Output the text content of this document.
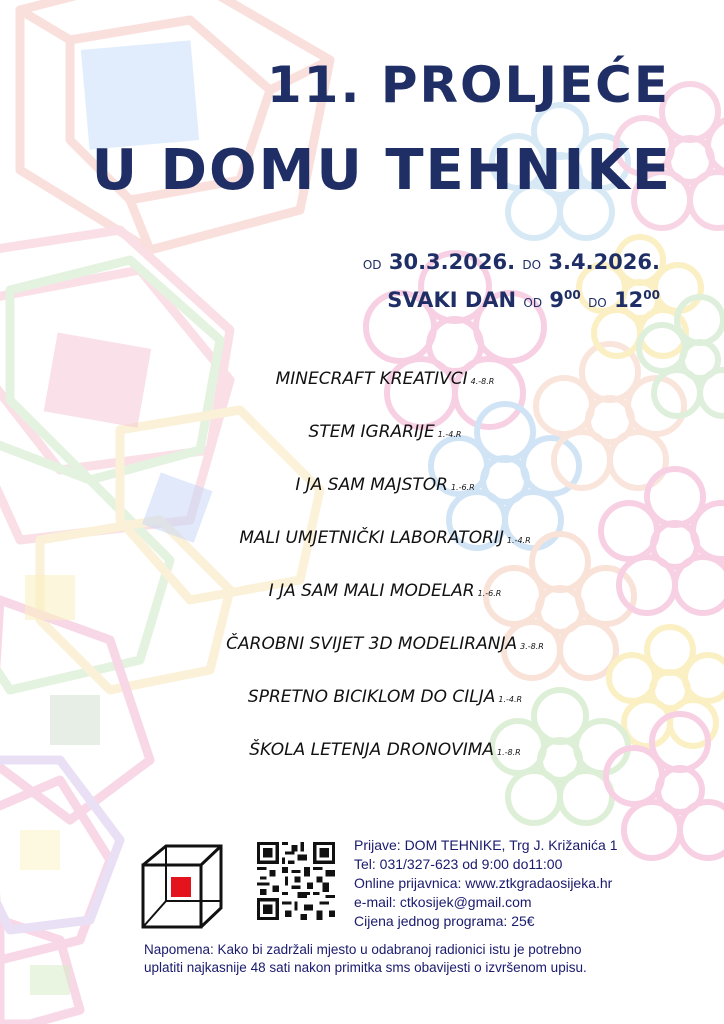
11. PROLJEĆE
U DOMU TEHNIKE
OD 30.3.2026. DO 3.4.2026.
SVAKI DAN OD $9^{00}$ DO $12^{00}$
MINECRAFT KREATIVCI 4.-8.R
STEM IGRARIJE 1.-4.R
I JA SAM MAJSTOR 1.-6.R
MALI UMJETNIČKI LABORATORIJ 1.-4.R
I JA SAM MALI MODELAR 1.-6.R
ČAROBNI SVIJET 3D MODELIRANJA 3.-8.R
SPRETNO BICIKLOM DO CILJA 1.-4.R
ŠKOLA LETENJA DRONOVIMA 1.-8.R
Prijave: DOM TEHNIKE, Trg J. Križanića 1
Tel: 031/327-623 od 9:00 do11:00
Online prijavnica: www.ztkgradaosijeka.hr
e-mail: ctkosijek@gmail.com
Cijena jednog programa: 25€
Napomena: Kako bi zadržali mjesto u odabranoj radionici istu je potrebno
uplatiti najkasnije 48 sati nakon primitka sms obavijesti o izvršenom upisu.
